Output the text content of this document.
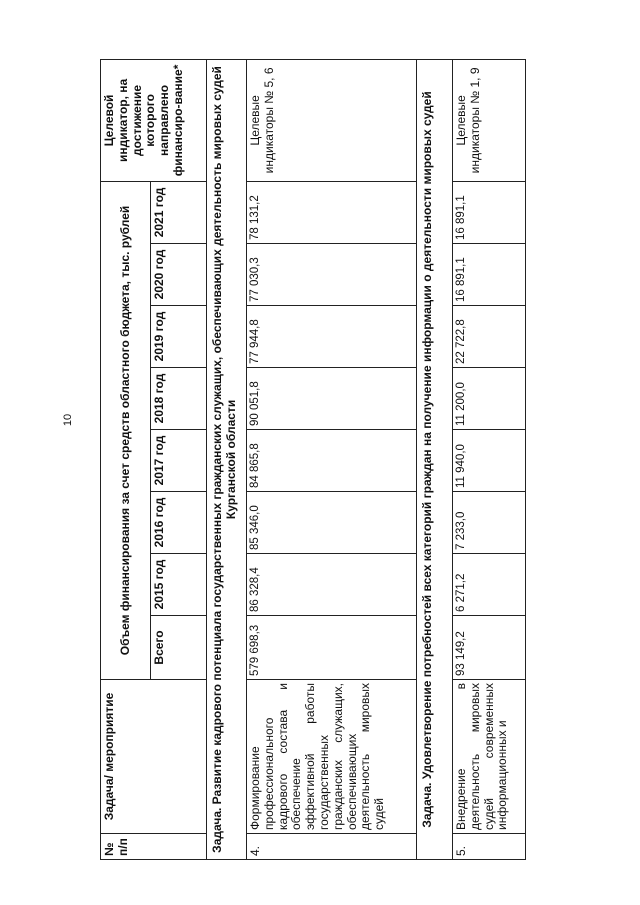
10
№ п/п	Задача/ мероприятие	Объем финансирования за счет средств областного бюджета, тыс. рублей								Целевой индикатор, на достижение которого направлено финансиро-вание*
		Всего	2015 год	2016 год	2017 год	2018 год	2019 год	2020 год	2021 год	
Задача. Развитие кадрового потенциала государственных гражданских служащих, обеспечивающих деятельность мировых судей Курганской области										
4.	Формирование профессионального кадрового состава и обеспечение эффективной работы государственных гражданских служащих, обеспечивающих деятельность мировых судей	579 698,3	86 328,4	85 346,0	84 865,8	90 051,8	77 944,8	77 030,3	78 131,2	Целевые индикаторы № 5, 6
Задача. Удовлетворение потребностей всех категорий граждан на получение информации о деятельности мировых судей										
5.	Внедрение в деятельность мировых судей современных информационных и	93 149,2	6 271,2	7 233,0	11 940,0	11 200,0	22 722,8	16 891,1	16 891,1	Целевые индикаторы № 1, 9
